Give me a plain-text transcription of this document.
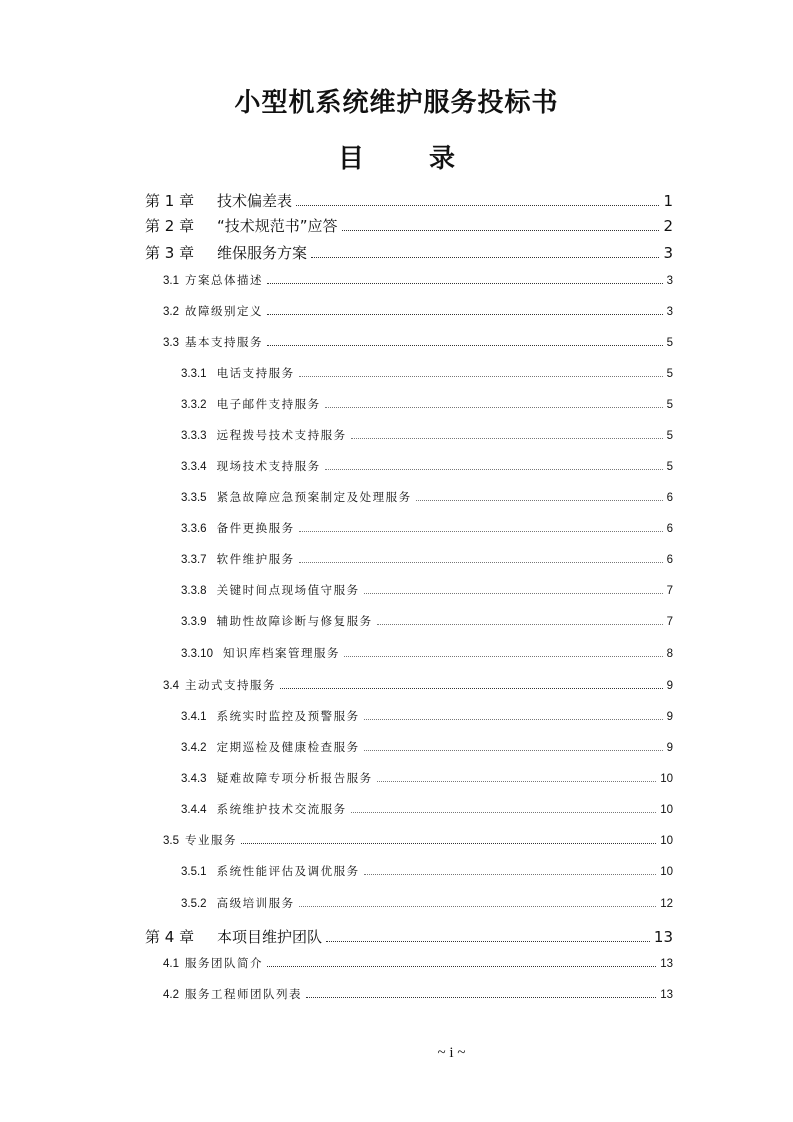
小型机系统维护服务投标书
目 录
第 1 章	技术偏差表	1
第 2 章	“技术规范书”应答	2
第 3 章	维保服务方案	3
3.1 方案总体描述	3
3.2 故障级别定义	3
3.3 基本支持服务	5
3.3.1 电话支持服务	5
3.3.2 电子邮件支持服务	5
3.3.3 远程拨号技术支持服务	5
3.3.4 现场技术支持服务	5
3.3.5 紧急故障应急预案制定及处理服务	6
3.3.6 备件更换服务	6
3.3.7 软件维护服务	6
3.3.8 关键时间点现场值守服务	7
3.3.9 辅助性故障诊断与修复服务	7
3.3.10 知识库档案管理服务	8
3.4 主动式支持服务	9
3.4.1 系统实时监控及预警服务	9
3.4.2 定期巡检及健康检查服务	9
3.4.3 疑难故障专项分析报告服务	10
3.4.4 系统维护技术交流服务	10
3.5 专业服务	10
3.5.1 系统性能评估及调优服务	10
3.5.2 高级培训服务	12
第 4 章	本项目维护团队	13
4.1 服务团队简介	13
4.2 服务工程师团队列表	13
~ i ~
